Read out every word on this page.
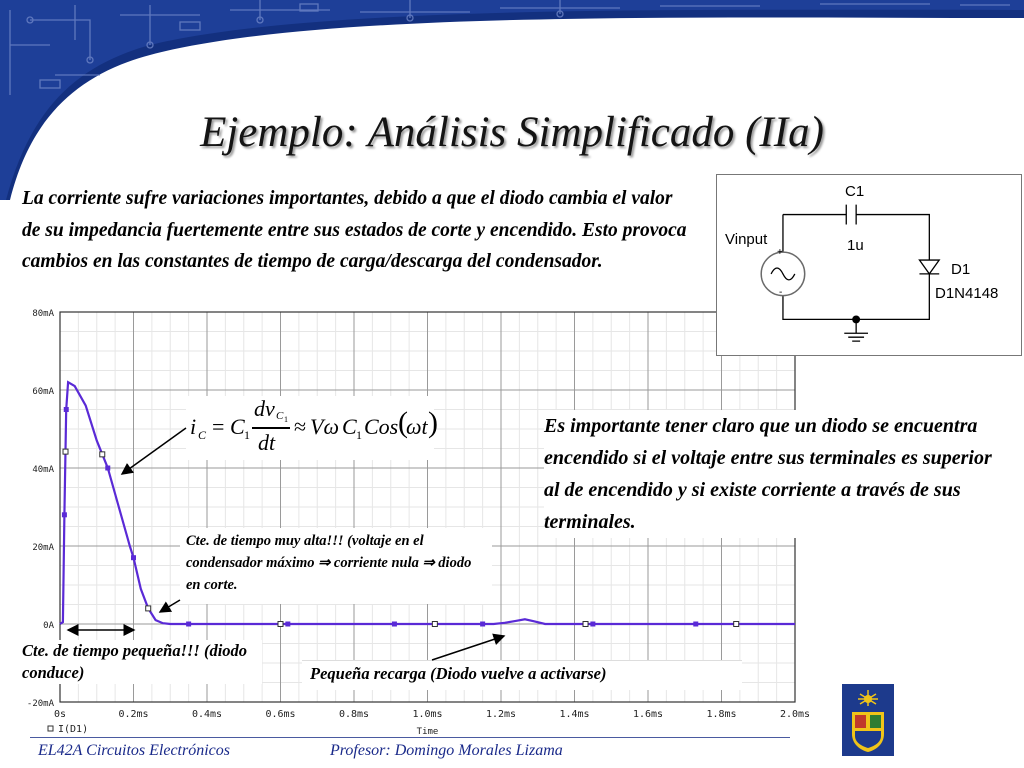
Ejemplo: Análisis Simplificado (IIa)
0s	0.2ms	0.4ms	0.6ms	0.8ms	1.0ms	1.2ms	1.4ms	1.6ms	1.8ms	2.0ms
-20mA
0A
20mA
40mA
60mA
80mA
I(D1)	Time
La corriente sufre variaciones importantes, debido a que el diodo cambia el valor de su impedancia fuertemente entre sus estados de corte y encendido. Esto provoca cambios en las constantes de tiempo de carga/descarga del condensador.
C1
1u
Vinput
+
-
D1
D1N4148
i C = C 1
dv C 1
dt
≈ Vω C 1 Cos (
ωt )	Es importante tener claro que un diodo se encuentra encendido si el voltaje entre sus terminales es superior al de encendido y si existe corriente a través de sus terminales.
Cte. de tiempo muy alta!!! (voltaje en el condensador máximo ⇒ corriente nula ⇒ diodo en corte.
Cte. de tiempo pequeña!!! (diodo conduce)	Pequeña recarga (Diodo vuelve a activarse)
EL42A Circuitos Electrónicos	Profesor: Domingo Morales Lizama
